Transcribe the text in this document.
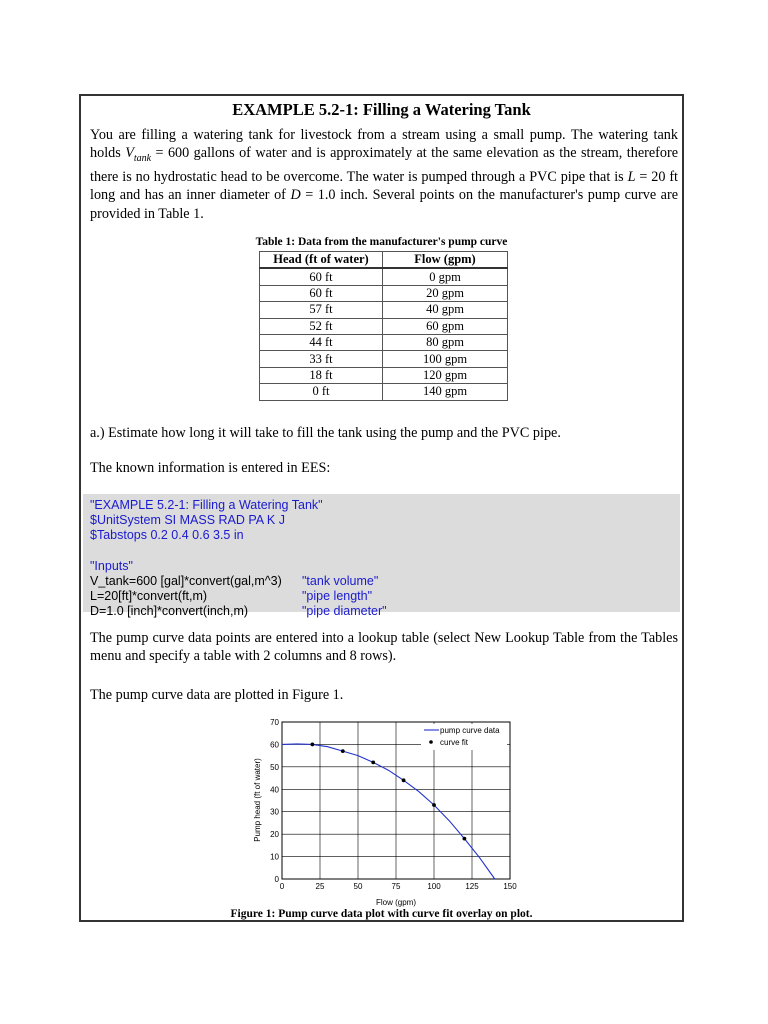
EXAMPLE 5.2-1: Filling a Watering Tank

You are filling a watering tank for livestock from a stream using a small pump. The watering tank holds $V_{tank} = 600$ gallons of water and is approximately at the same elevation as the stream, therefore there is no hydrostatic head to be overcome. The water is pumped through a PVC pipe that is L = 20 ft long and has an inner diameter of D = 1.0 inch. Several points on the manufacturer's pump curve are provided in Table 1.

Table 1: Data from the manufacturer's pump curve
Head (ft of water)	Flow (gpm)
60 ft	0 gpm
60 ft	20 gpm
57 ft	40 gpm
52 ft	60 gpm
44 ft	80 gpm
33 ft	100 gpm
18 ft	120 gpm
0 ft	140 gpm
a.) Estimate how long it will take to fill the tank using the pump and the PVC pipe.
The known information is entered in EES:
"EXAMPLE 5.2-1: Filling a Watering Tank"
$UnitSystem SI MASS RAD PA K J
$Tabstops 0.2 0.4 0.6 3.5 in
"Inputs"
V_tank=600 [gal]*convert(gal,m^3) "tank volume"
L=20[ft]*convert(ft,m)	"pipe length"
D=1.0 [inch]*convert(inch,m)	"pipe diameter"

The pump curve data points are entered into a lookup table (select New Lookup Table from the Tables menu and specify a table with 2 columns and 8 rows).

The pump curve data are plotted in Figure 1.
0	25	50	75	100	125	150
0
10
20
30
40
50
60
70
pump curve data
curve fit
Flow (gpm)
Pump head (ft of water)
Figure 1: Pump curve data plot with curve fit overlay on plot.
